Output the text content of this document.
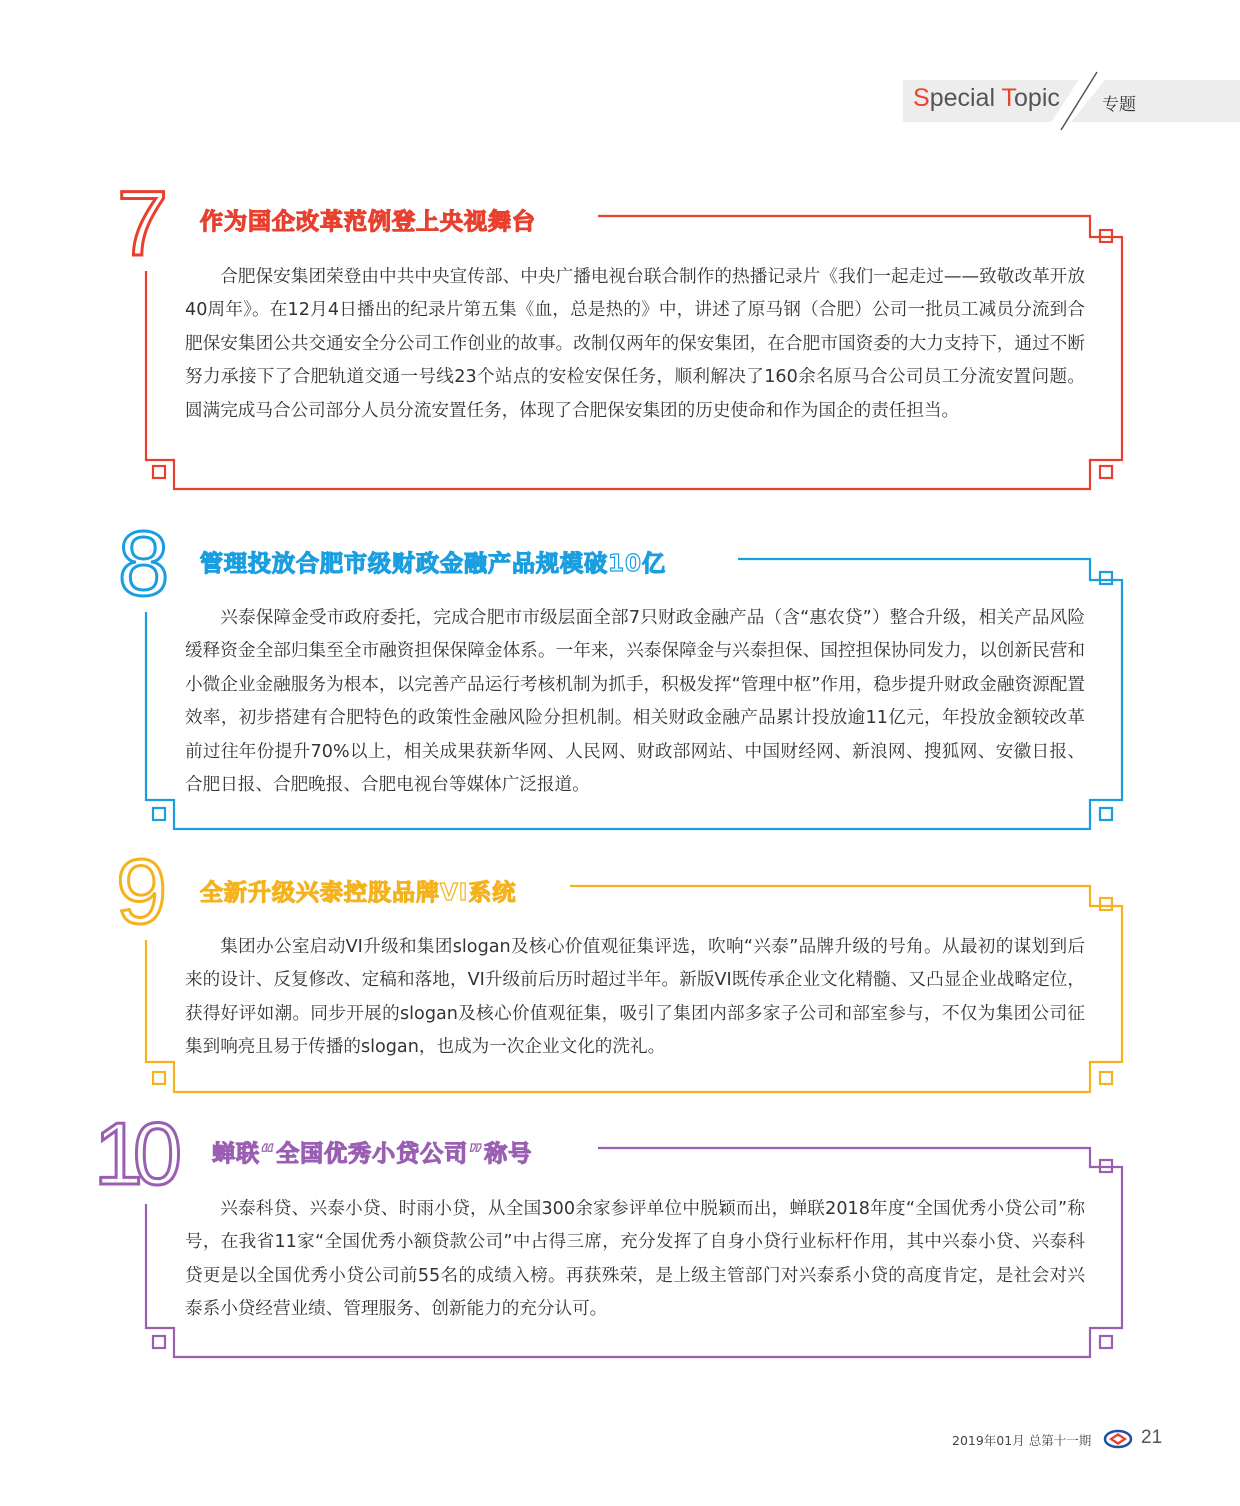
Special Topic 专题
7 作为国企改革范例登上央视舞台
合肥保安集团荣登由中共中央宣传部、中央广播电视台联合制作的热播记录片《我们一起走过——致敬改革开放40周年》。在12月4日播出的纪录片第五集《血，总是热的》中，讲述了原马钢（合肥）公司一批员工减员分流到合肥保安集团公共交通安全分公司工作创业的故事。改制仅两年的保安集团，在合肥市国资委的大力支持下，通过不断努力承接下了合肥轨道交通一号线23个站点的安检安保任务，顺利解决了160余名原马合公司员工分流安置问题。圆满完成马合公司部分人员分流安置任务，体现了合肥保安集团的历史使命和作为国企的责任担当。
8 管理投放合肥市级财政金融产品规模破10亿
兴泰保障金受市政府委托，完成合肥市市级层面全部7只财政金融产品（含“惠农贷”）整合升级，相关产品风险缓释资金全部归集至全市融资担保保障金体系。一年来，兴泰保障金与兴泰担保、国控担保协同发力，以创新民营和小微企业金融服务为根本，以完善产品运行考核机制为抓手，积极发挥“管理中枢”作用，稳步提升财政金融资源配置效率，初步搭建有合肥特色的政策性金融风险分担机制。相关财政金融产品累计投放逾11亿元，年投放金额较改革前过往年份提升70%以上，相关成果获新华网、人民网、财政部网站、中国财经网、新浪网、搜狐网、安徽日报、合肥日报、合肥晚报、合肥电视台等媒体广泛报道。
9 全新升级兴泰控股品牌VI系统
集团办公室启动VI升级和集团slogan及核心价值观征集评选，吹响“兴泰”品牌升级的号角。从最初的谋划到后来的设计、反复修改、定稿和落地，VI升级前后历时超过半年。新版VI既传承企业文化精髓、又凸显企业战略定位，获得好评如潮。同步开展的slogan及核心价值观征集，吸引了集团内部多家子公司和部室参与，不仅为集团公司征集到响亮且易于传播的slogan，也成为一次企业文化的洗礼。
10 蝉联“全国优秀小贷公司”称号
兴泰科贷、兴泰小贷、时雨小贷，从全国300余家参评单位中脱颖而出，蝉联2018年度“全国优秀小贷公司”称号，在我省11家“全国优秀小额贷款公司”中占得三席，充分发挥了自身小贷行业标杆作用，其中兴泰小贷、兴泰科贷更是以全国优秀小贷公司前55名的成绩入榜。再获殊荣，是上级主管部门对兴泰系小贷的高度肯定，是社会对兴泰系小贷经营业绩、管理服务、创新能力的充分认可。
2019年01月 总第十一期	21
